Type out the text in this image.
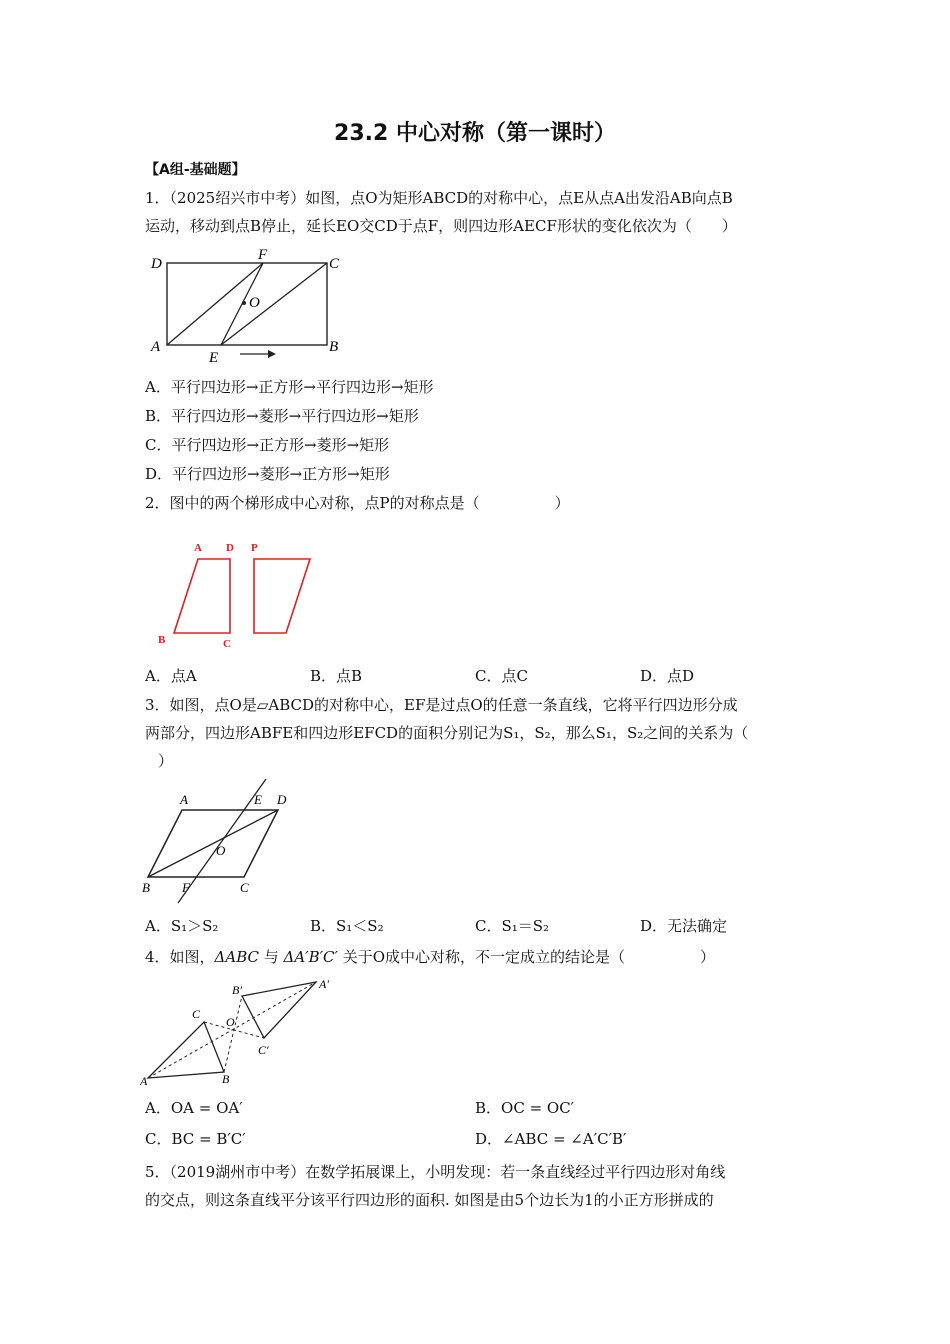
23.2 中心对称（第一课时）
【A组-基础题】
1．（2025绍兴市中考）如图，点O为矩形ABCD的对称中心，点E从点A出发沿AB向点B
运动，移动到点B停止，延长EO交CD于点F，则四边形AECF形状的变化依次为（　　）
D
F
C
O
A
E
B
A．平行四边形→正方形→平行四边形→矩形
B．平行四边形→菱形→平行四边形→矩形
C．平行四边形→正方形→菱形→矩形
D．平行四边形→菱形→正方形→矩形
2．图中的两个梯形成中心对称，点P的对称点是（　　　　　）
A D P
B	C
A．点A	B．点B	C．点C	D．点D
3．如图，点O是▱ABCD的对称中心，EF是过点O的任意一条直线，它将平行四边形分成
两部分，四边形ABFE和四边形EFCD的面积分别记为S₁，S₂，那么S₁，S₂之间的关系为（
）
A	E D
O
B F	C
A．S₁＞S₂	B．S₁＜S₂	C．S₁＝S₂	D．无法确定
4．如图，ΔABC 与 ΔA′B′C′ 关于O成中心对称，不一定成立的结论是（　　　　　）
A	B
C
O
A′
B′
C′
A．OA = OA′	B．OC = OC′
C．BC = B′C′	D．∠ABC = ∠A′C′B′
5．（2019湖州市中考）在数学拓展课上，小明发现：若一条直线经过平行四边形对角线
的交点，则这条直线平分该平行四边形的面积. 如图是由5个边长为1的小正方形拼成的
